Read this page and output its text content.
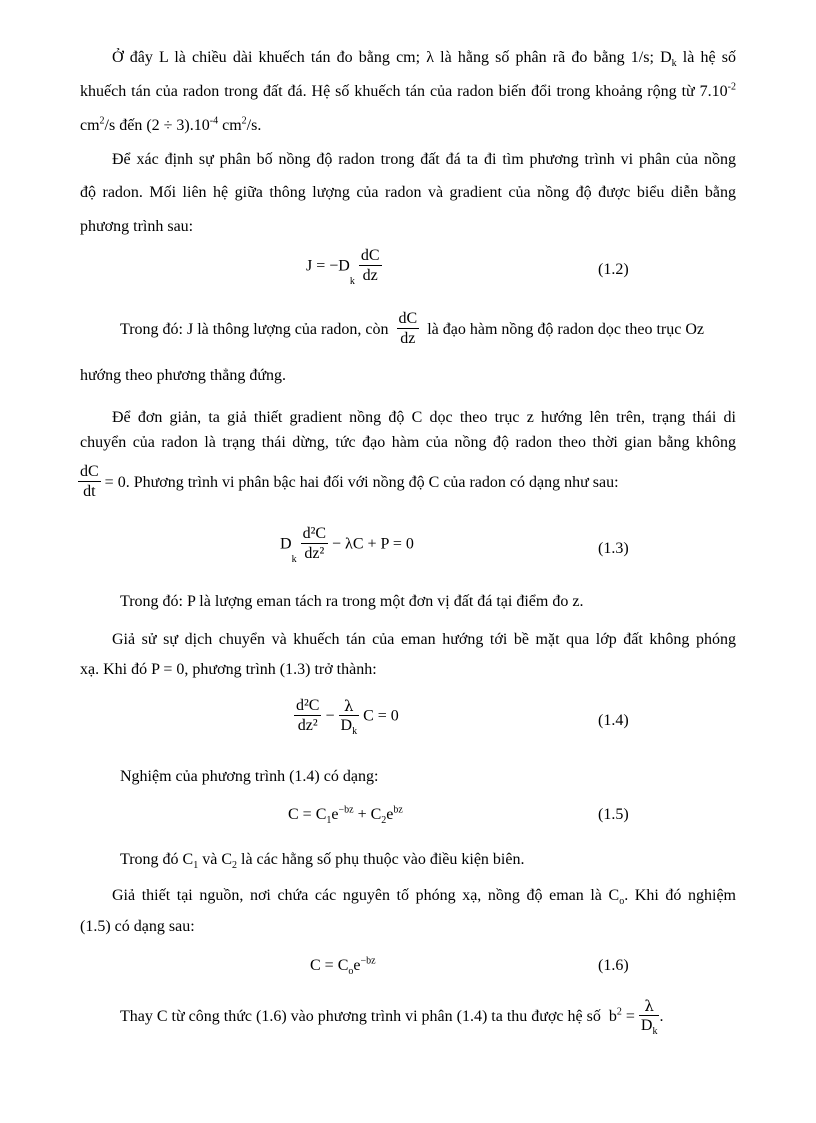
Ở đây L là chiều dài khuếch tán đo bằng cm; λ là hằng số phân rã đo bằng 1/s; $D_k$ là hệ số
khuếch tán của radon trong đất đá. Hệ số khuếch tán của radon biến đổi trong khoảng rộng từ $7.10^{-2}$
$cm^2/s$ đến $(2 \div 3).10^{-4}$ $cm^2/s$.
Để xác định sự phân bố nồng độ radon trong đất đá ta đi tìm phương trình vi phân của nồng
độ radon. Mối liên hệ giữa thông lượng của radon và gradient của nồng độ được biểu diễn bằng
phương trình sau:
$J = -D_k \frac{dC}{dz}$	(1.2)
Trong đó: J là thông lượng của radon, còn $\frac{dC}{dz}$ là đạo hàm nồng độ radon dọc theo trục Oz
hướng theo phương thẳng đứng.
Để đơn giản, ta giả thiết gradient nồng độ C dọc theo trục z hướng lên trên, trạng thái di
chuyển của radon là trạng thái dừng, tức đạo hàm của nồng độ radon theo thời gian bằng không
$\frac{dC}{dt} = 0$. Phương trình vi phân bậc hai đối với nồng độ C của radon có dạng như sau:
$D_k \frac{\text{d²C}}{\text{dz²}} - \lambda C + P = 0$	(1.3)
Trong đó: P là lượng eman tách ra trong một đơn vị đất đá tại điểm đo z.
Giả sử sự dịch chuyển và khuếch tán của eman hướng tới bề mặt qua lớp đất không phóng
xạ. Khi đó P = 0, phương trình (1.3) trở thành:
$\frac{\text{d²C}}{\text{dz²}} - \frac{\lambda}{D_k}$ C = 0	(1.4)
Nghiệm của phương trình (1.4) có dạng:
$C = C_1e^{-bz} + C_2e^{bz}$	(1.5)
Trong đó $C_1$ và $C_2$ là các hằng số phụ thuộc vào điều kiện biên.
Giả thiết tại nguồn, nơi chứa các nguyên tố phóng xạ, nồng độ eman là $C_o$. Khi đó nghiệm
(1.5) có dạng sau:
$C = C_oe^{-bz}$	(1.6)
Thay C từ công thức (1.6) vào phương trình vi phân (1.4) ta thu được hệ số $b^2 = \frac{\lambda}{D_k}$ .
